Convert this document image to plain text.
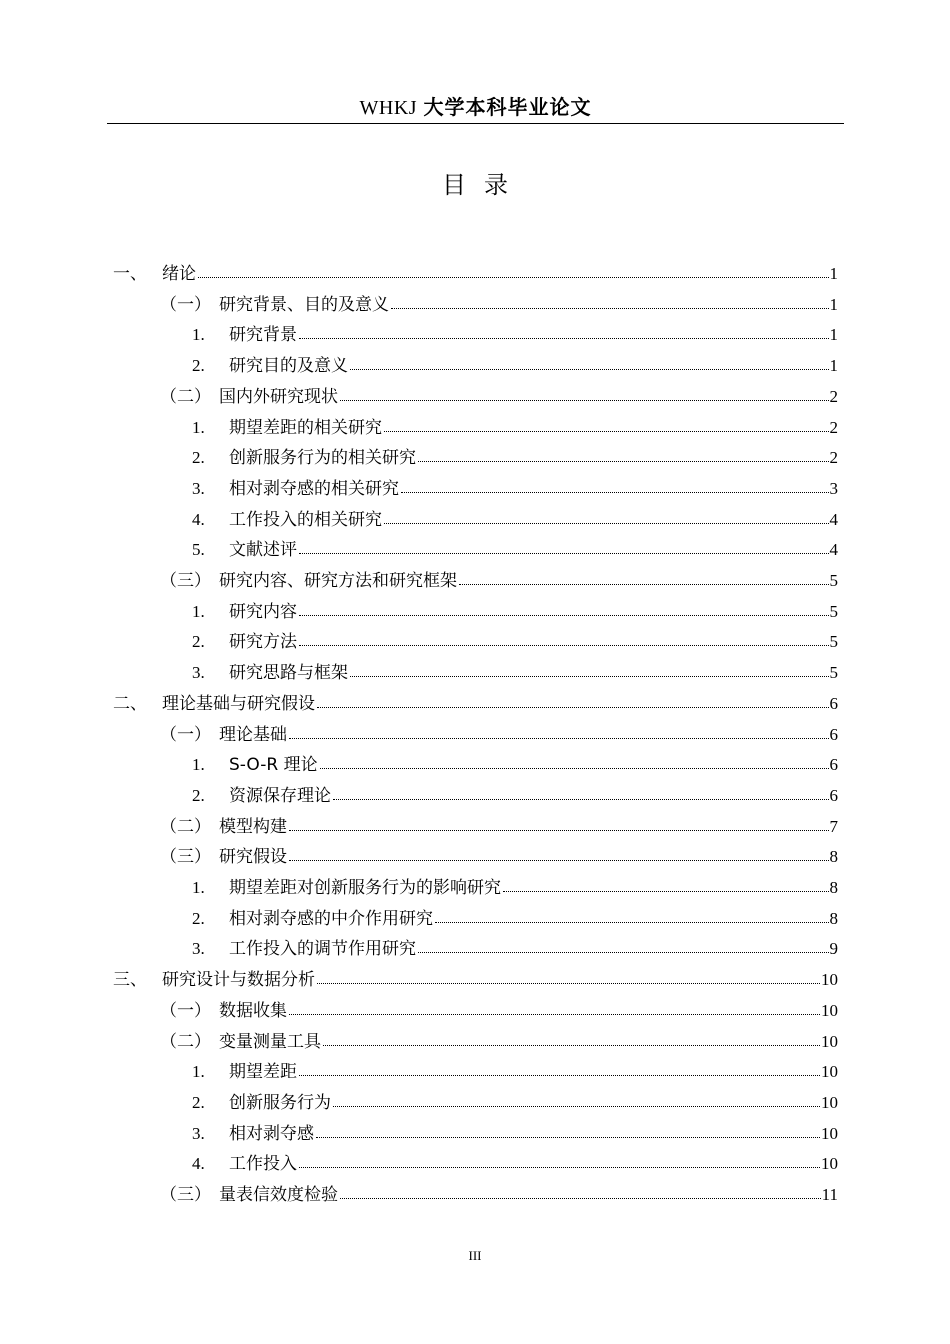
WHKJ 大学本科毕业论文
目 录
一、 绪论	1
（一） 研究背景、目的及意义	1
1.	研究背景	1
2.	研究目的及意义	1
（二） 国内外研究现状	2
1.	期望差距的相关研究	2
2.	创新服务行为的相关研究	2
3.	相对剥夺感的相关研究	3
4.	工作投入的相关研究	4
5.	文献述评	4
（三） 研究内容、研究方法和研究框架	5
1.	研究内容	5
2.	研究方法	5
3.	研究思路与框架	5
二、 理论基础与研究假设	6
（一） 理论基础	6
1.	S-O-R 理论	6
2.	资源保存理论	6
（二） 模型构建	7
（三） 研究假设	8
1.	期望差距对创新服务行为的影响研究	8
2.	相对剥夺感的中介作用研究	8
3.	工作投入的调节作用研究	9
三、 研究设计与数据分析	10
（一） 数据收集	10
（二） 变量测量工具	10
1.	期望差距	10
2.	创新服务行为	10
3.	相对剥夺感	10
4.	工作投入	10
（三） 量表信效度检验	11
III
